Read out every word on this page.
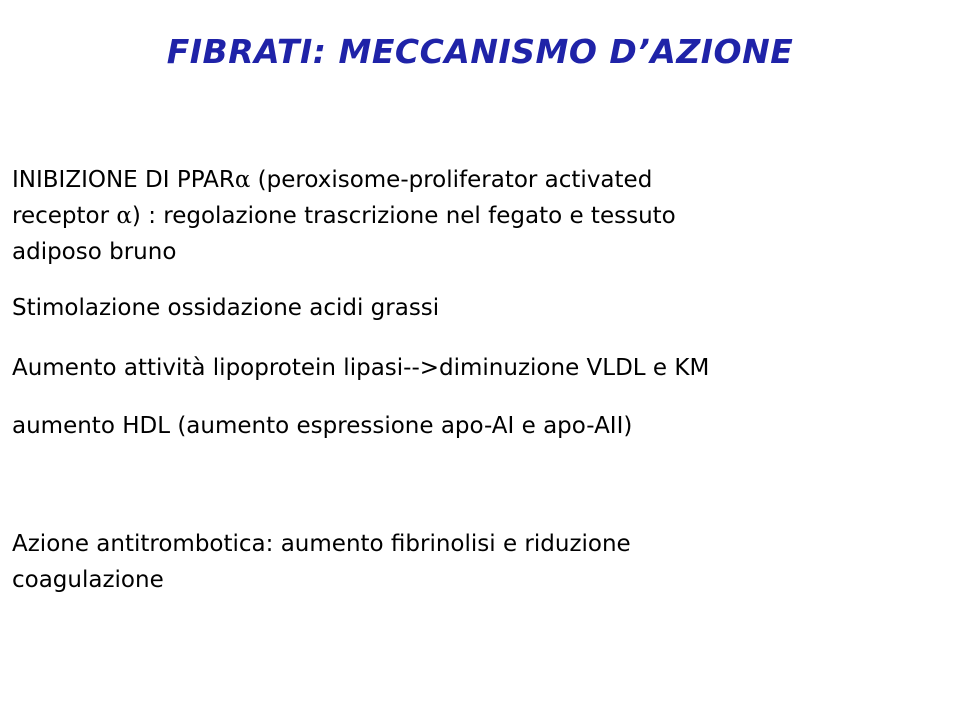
FIBRATI: MECCANISMO D’AZIONE
INIBIZIONE DI PPARα (peroxisome-proliferator activated
receptor α) : regolazione trascrizione nel fegato e tessuto
adiposo bruno
Stimolazione ossidazione acidi grassi
Aumento attività lipoprotein lipasi-->diminuzione VLDL e KM
aumento HDL (aumento espressione apo-AI e apo-AII)
Azione antitrombotica: aumento fibrinolisi e riduzione
coagulazione
